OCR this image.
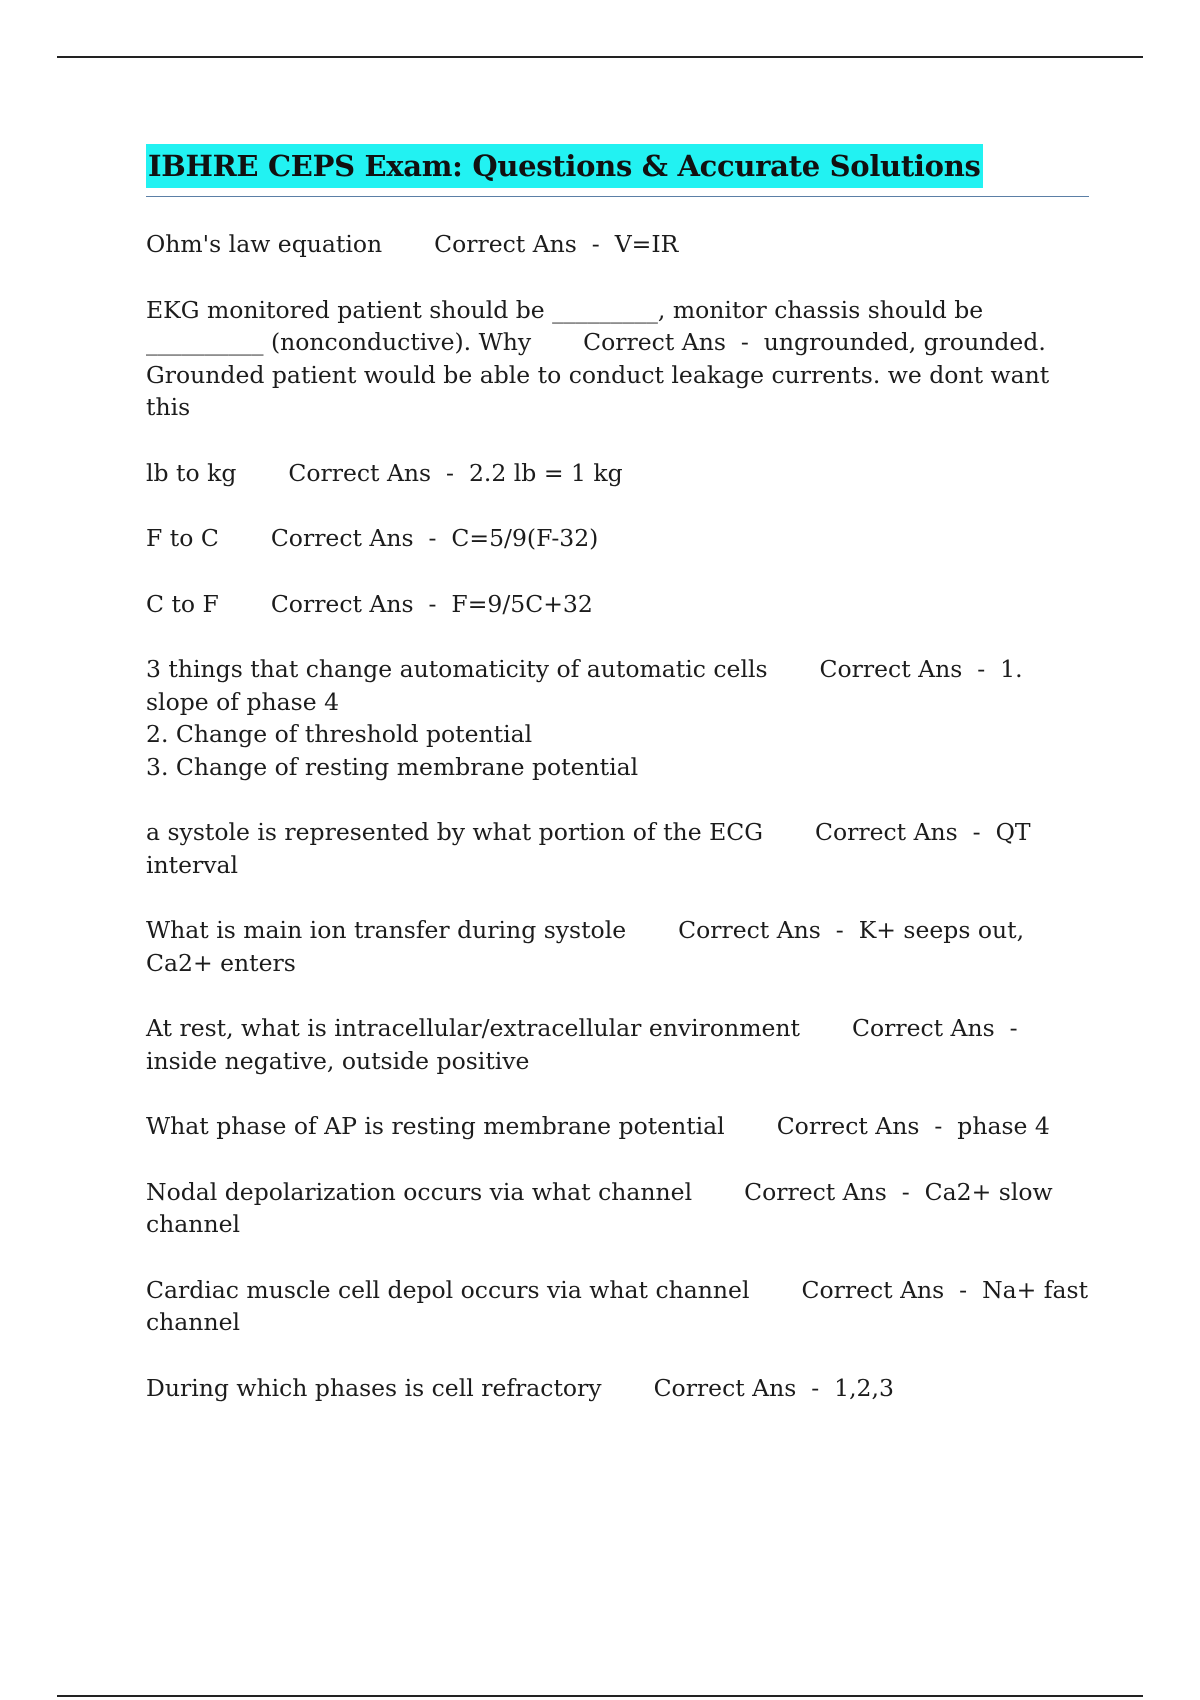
IBHRE CEPS Exam: Questions & Accurate Solutions
Ohm's law equation Correct Ans  -  V=IR
EKG monitored patient should be _________, monitor chassis should be __________ (nonconductive). Why Correct Ans  -  ungrounded, grounded. Grounded patient would be able to conduct leakage currents. we dont want this
lb to kg Correct Ans  -  2.2 lb = 1 kg
F to C Correct Ans  -  C=5/9(F-32)
C to F Correct Ans  -  F=9/5C+32
3 things that change automaticity of automatic cells Correct Ans  -  1. slope of phase 4
2. Change of threshold potential
3. Change of resting membrane potential
a systole is represented by what portion of the ECG Correct Ans  -  QT interval
What is main ion transfer during systole Correct Ans  -  K+ seeps out, Ca2+ enters
At rest, what is intracellular/extracellular environment Correct Ans  -  inside negative, outside positive
What phase of AP is resting membrane potential Correct Ans  -  phase 4
Nodal depolarization occurs via what channel Correct Ans  -  Ca2+ slow channel
Cardiac muscle cell depol occurs via what channel Correct Ans  -  Na+ fast channel
During which phases is cell refractory Correct Ans  -  1,2,3
